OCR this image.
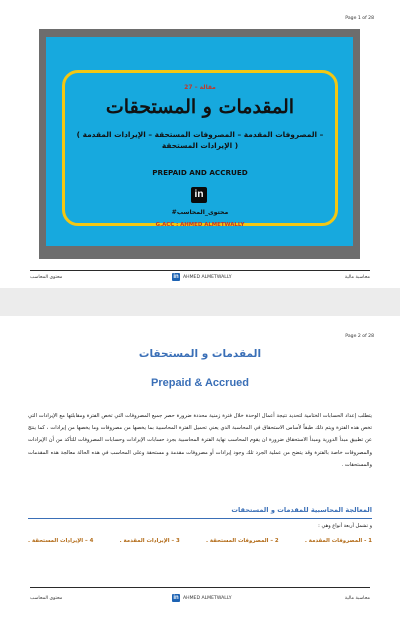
Page 1 of 28
27 – مقالة
المقدمات و المستحقات
( المصروفات المقدمة – المصروفات المستحقة – الإيرادات المقدمة –
الإيرادات المستحقة )
PREPAID AND ACCRUED
in
#محتوى_المحاسب
G.ACC : AHMED ALMETWALLY
محاسبة مالية
in AHMED ALMETWALLY
محتوى المحاسب
Page 2 of 28
المقدمات و المستحقات
Prepaid & Accrued
يتطلب إعداد الحسابات الختامية لتحديد نتيجة أعمال الوحدة خلال فترة زمنية محددة ضرورة حصر جميع المصروفات التي تخص الفترة ومقابلتها مع الإيرادات التي تخص هذه الفترة ويتم ذلك طبقاً لأساس الاستحقاق في المحاسبة الذي يعني تحميل الفترة المحاسبية بما يخصها من مصروفات وما يخصها من إيرادات ، كما ينتج عن تطبيق مبدأ الدورية ومبدأ الاستحقاق ضرورة ان يقوم المحاسب نهاية الفترة المحاسبية بجرد حسابات الإيرادات وحسابات المصروفات للتأكد من أن الإيرادات والمصروفات خاصة بالفترة وقد يتضح من عملية الجرد تلك وجود إيرادات أو مصروفات مقدمة و مستحقة وعلى المحاسب في هذه الحالة معالجة هذه المقدمات والمستحقات .
المعالجة المحاسبية للمقدمات و المستحقات
و تشمل أربعة أنواع وهي :
1 - المصروفات المقدمة .
2 – المصروفات المستحقة .
3 – الإيرادات المقدمة .
4 – الإيرادات المستحقة .
محاسبة مالية
in AHMED ALMETWALLY
محتوى المحاسب
